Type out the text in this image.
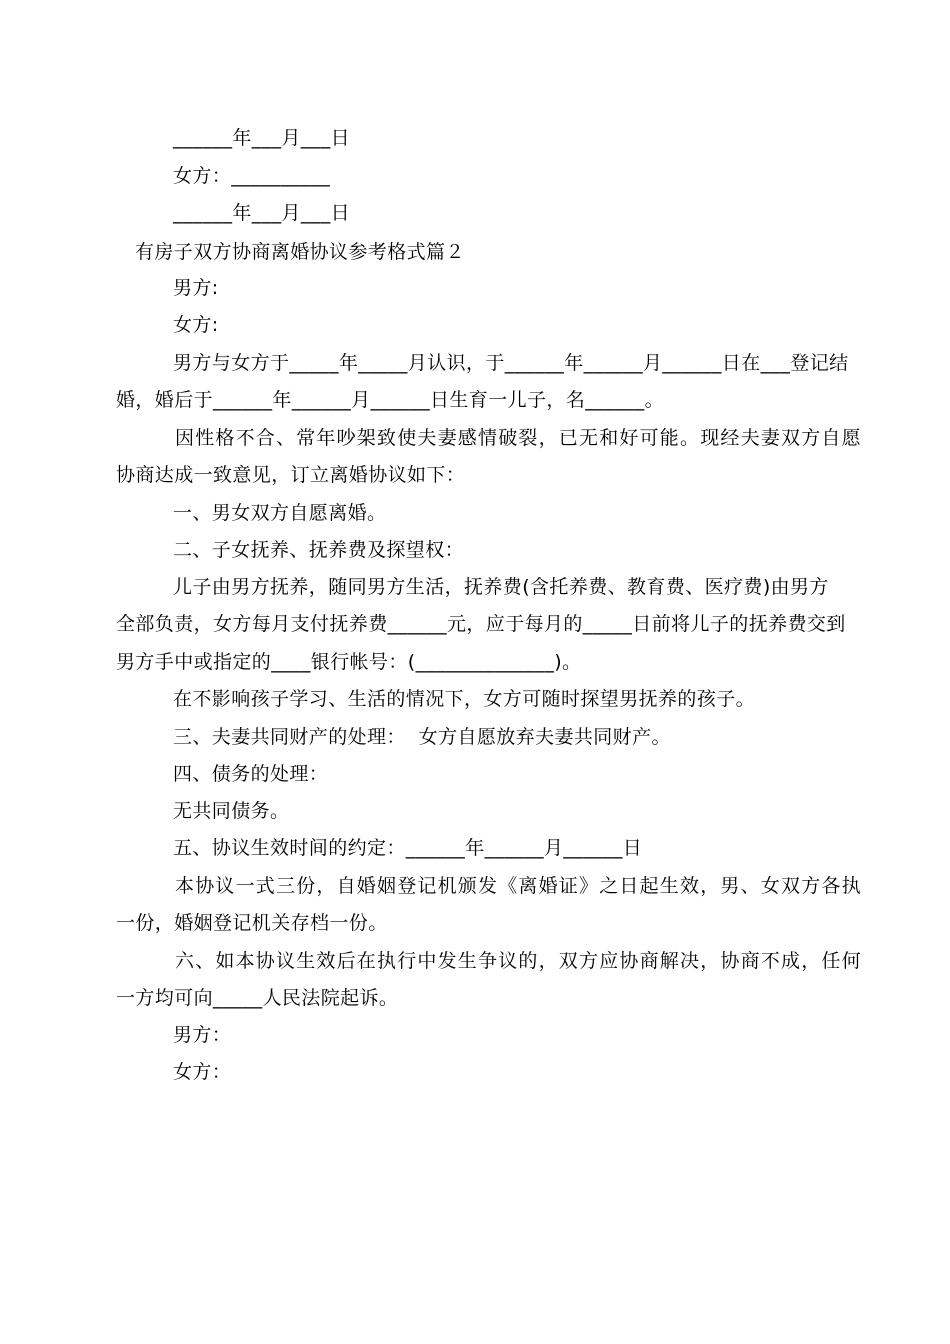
______年___月___日
女方：__________
______年___月___日
有房子双方协商离婚协议参考格式篇２
男方:
女方:
男方与女方于_____年_____月认识，于______年______月______日在___登记结
婚，婚后于______年______月______日生育一儿子，名______。
因性格不合、常年吵架致使夫妻感情破裂，已无和好可能。现经夫妻双方自愿
协商达成一致意见，订立离婚协议如下：
一、男女双方自愿离婚。
二、子女抚养、抚养费及探望权：
儿子由男方抚养，随同男方生活，抚养费(含托养费、教育费、医疗费)由男方
全部负责，女方每月支付抚养费______元，应于每月的_____日前将儿子的抚养费交到
男方手中或指定的____银行帐号：(______________)。
在不影响孩子学习、生活的情况下，女方可随时探望男抚养的孩子。
三、夫妻共同财产的处理：  女方自愿放弃夫妻共同财产。
四、债务的处理：
无共同债务。
五、协议生效时间的约定：______年______月______日
本协议一式三份，自婚姻登记机颁发《离婚证》之日起生效，男、女双方各执
一份，婚姻登记机关存档一份。
六、如本协议生效后在执行中发生争议的，双方应协商解决，协商不成，任何
一方均可向_____人民法院起诉。
男方：
女方：
